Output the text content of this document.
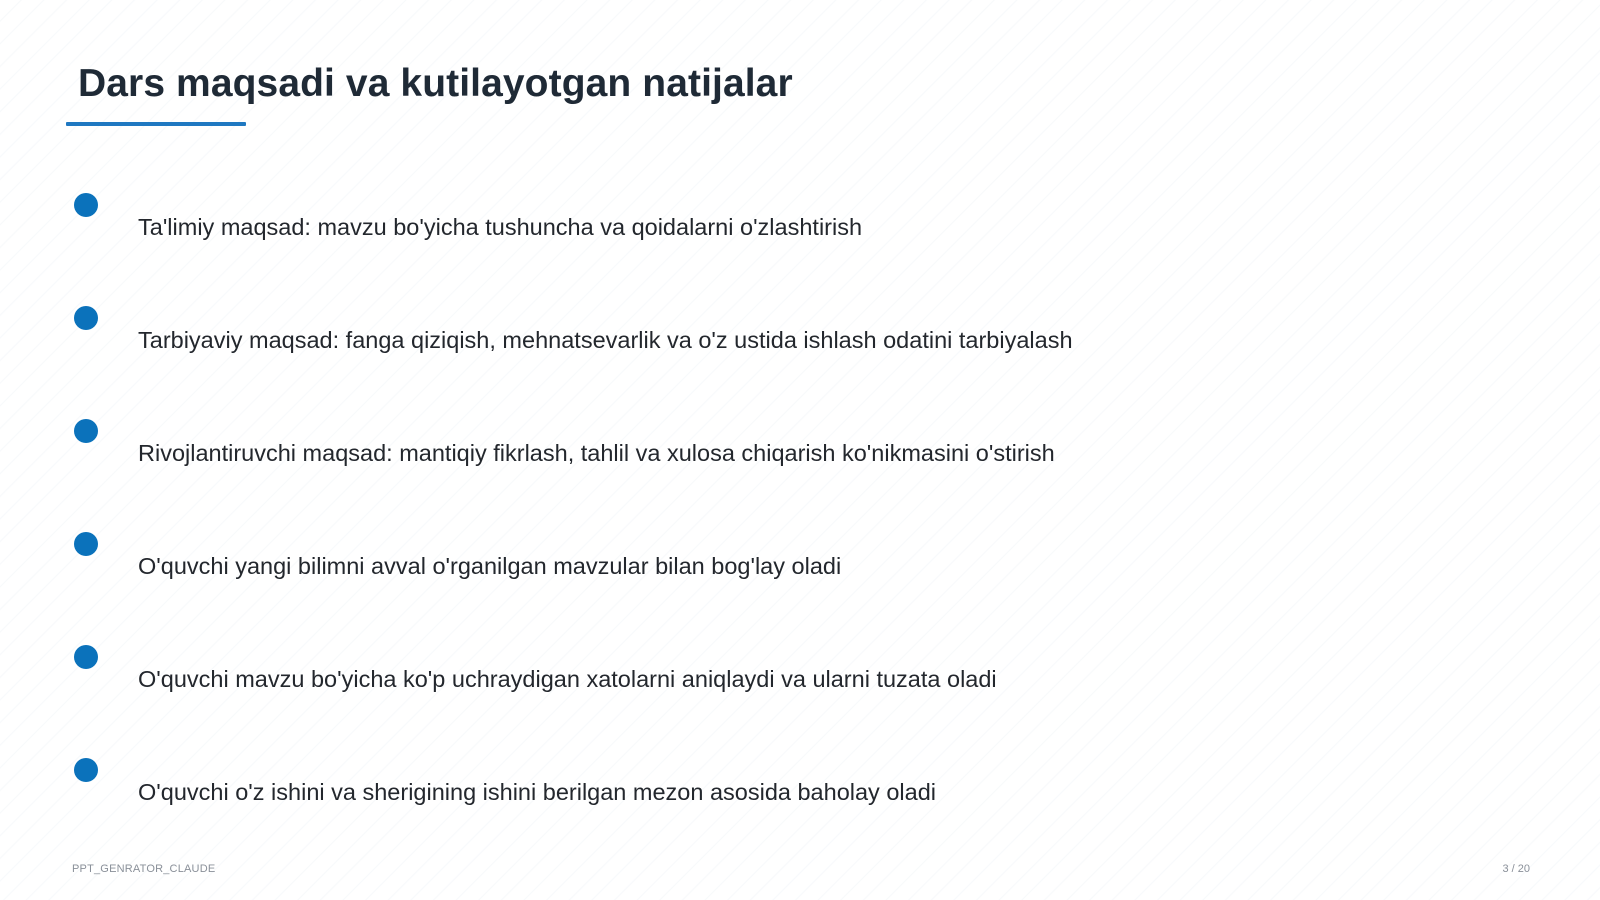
Dars maqsadi va kutilayotgan natijalar
Ta'limiy maqsad: mavzu bo'yicha tushuncha va qoidalarni o'zlashtirish
Tarbiyaviy maqsad: fanga qiziqish, mehnatsevarlik va o'z ustida ishlash odatini tarbiyalash
Rivojlantiruvchi maqsad: mantiqiy fikrlash, tahlil va xulosa chiqarish ko'nikmasini o'stirish
O'quvchi yangi bilimni avval o'rganilgan mavzular bilan bog'lay oladi
O'quvchi mavzu bo'yicha ko'p uchraydigan xatolarni aniqlaydi va ularni tuzata oladi
O'quvchi o'z ishini va sherigining ishini berilgan mezon asosida baholay oladi
PPT_GENRATOR_CLAUDE	3 / 20
